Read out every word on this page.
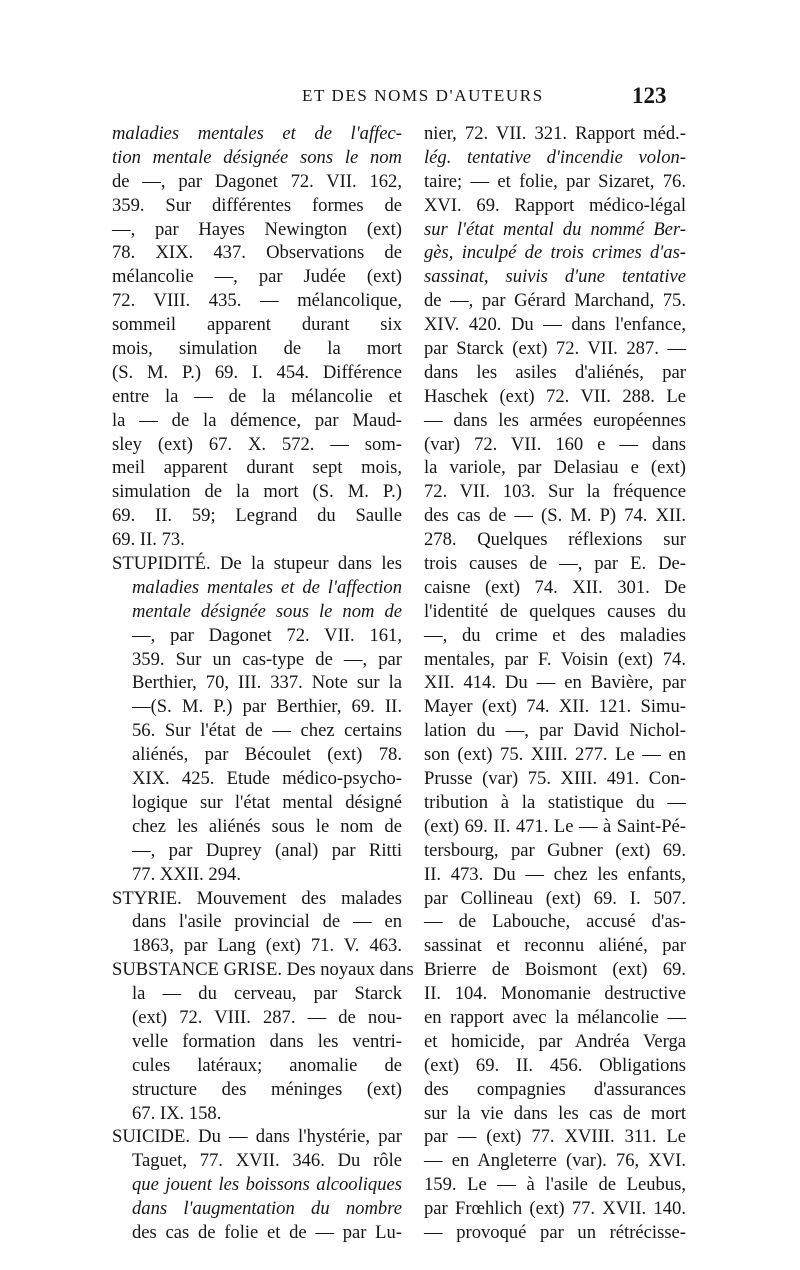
ET DES NOMS D'AUTEURS	123
maladies mentales et de l'affec-
tion mentale désignée sons le nom
de —, par Dagonet 72. VII. 162,
359. Sur différentes formes de
—, par Hayes Newington (ext)
78. XIX. 437. Observations de
mélancolie —, par Judée (ext)
72. VIII. 435. — mélancolique,
sommeil apparent durant six
mois, simulation de la mort
(S. M. P.) 69. I. 454. Différence
entre la — de la mélancolie et
la — de la démence, par Maud-
sley (ext) 67. X. 572. — som-
meil apparent durant sept mois,
simulation de la mort (S. M. P.)
69. II. 59; Legrand du Saulle
69. II. 73.
STUPIDITÉ. De la stupeur dans les
maladies mentales et de l'affection
mentale désignée sous le nom de
—, par Dagonet 72. VII. 161,
359. Sur un cas-type de —, par
Berthier, 70, III. 337. Note sur la
—(S. M. P.) par Berthier, 69. II.
56. Sur l'état de — chez certains
aliénés, par Bécoulet (ext) 78.
XIX. 425. Etude médico-psycho-
logique sur l'état mental désigné
chez les aliénés sous le nom de
—, par Duprey (anal) par Ritti
77. XXII. 294.
STYRIE. Mouvement des malades
dans l'asile provincial de — en
1863, par Lang (ext) 71. V. 463.
SUBSTANCE GRISE. Des noyaux dans
la — du cerveau, par Starck
(ext) 72. VIII. 287. — de nou-
velle formation dans les ventri-
cules latéraux; anomalie de
structure des méninges (ext)
67. IX. 158.
SUICIDE. Du — dans l'hystérie, par
Taguet, 77. XVII. 346. Du rôle
que jouent les boissons alcooliques
dans l'augmentation du nombre
des cas de folie et de — par Lu-
nier, 72. VII. 321. Rapport méd.-
lég. tentative d'incendie volon-
taire; — et folie, par Sizaret, 76.
XVI. 69. Rapport médico-légal
sur l'état mental du nommé Ber-
gès, inculpé de trois crimes d'as-
sassinat, suivis d'une tentative
de —, par Gérard Marchand, 75.
XIV. 420. Du — dans l'enfance,
par Starck (ext) 72. VII. 287. —
dans les asiles d'aliénés, par
Haschek (ext) 72. VII. 288. Le
— dans les armées européennes
(var) 72. VII. 160 e — dans
la variole, par Delasiau e (ext)
72. VII. 103. Sur la fréquence
des cas de — (S. M. P) 74. XII.
278. Quelques réflexions sur
trois causes de —, par E. De-
caisne (ext) 74. XII. 301. De
l'identité de quelques causes du
—, du crime et des maladies
mentales, par F. Voisin (ext) 74.
XII. 414. Du — en Bavière, par
Mayer (ext) 74. XII. 121. Simu-
lation du —, par David Nichol-
son (ext) 75. XIII. 277. Le — en
Prusse (var) 75. XIII. 491. Con-
tribution à la statistique du —
(ext) 69. II. 471. Le — à Saint-Pé-
tersbourg, par Gubner (ext) 69.
II. 473. Du — chez les enfants,
par Collineau (ext) 69. I. 507.
— de Labouche, accusé d'as-
sassinat et reconnu aliéné, par
Brierre de Boismont (ext) 69.
II. 104. Monomanie destructive
en rapport avec la mélancolie —
et homicide, par Andréa Verga
(ext) 69. II. 456. Obligations
des compagnies d'assurances
sur la vie dans les cas de mort
par — (ext) 77. XVIII. 311. Le
— en Angleterre (var). 76, XVI.
159. Le — à l'asile de Leubus,
par Frœhlich (ext) 77. XVII. 140.
— provoqué par un rétrécisse-
